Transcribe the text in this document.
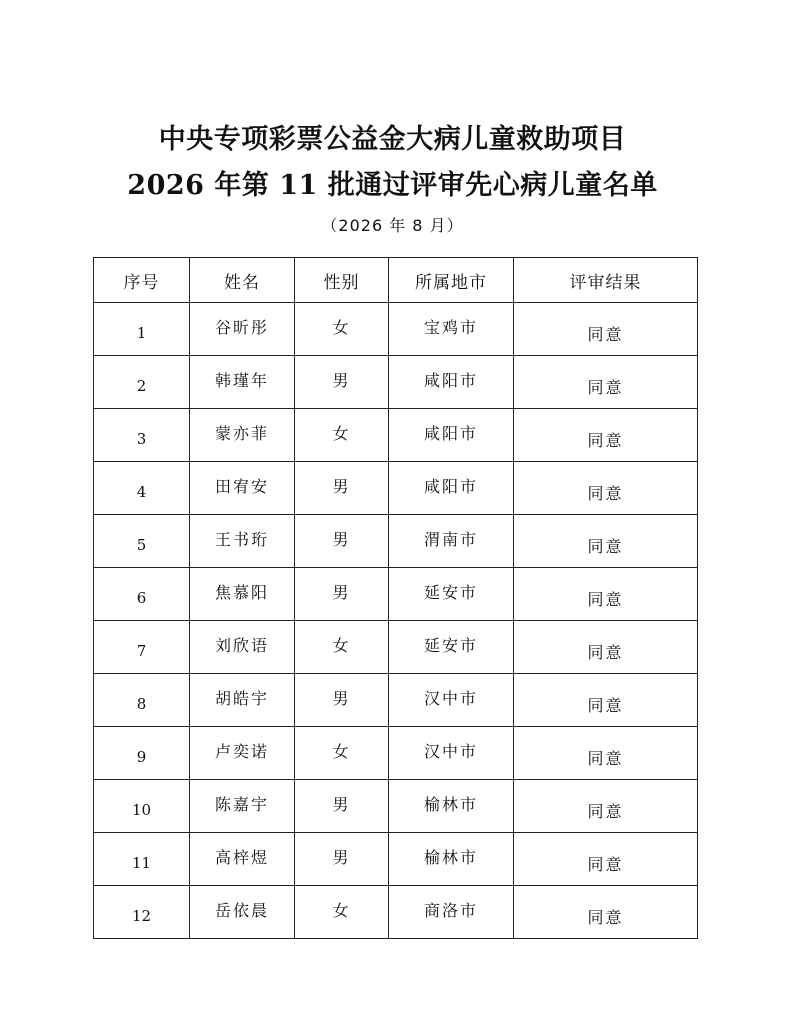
中央专项彩票公益金大病儿童救助项目
2026 年第 11 批通过评审先心病儿童名单
（2026 年 8 月）
序号	姓名	性别	所属地市	评审结果
1	谷昕彤	女	宝鸡市	同意
2	韩瑾年	男	咸阳市	同意
3	蒙亦菲	女	咸阳市	同意
4	田宥安	男	咸阳市	同意
5	王书珩	男	渭南市	同意
6	焦慕阳	男	延安市	同意
7	刘欣语	女	延安市	同意
8	胡皓宇	男	汉中市	同意
9	卢奕诺	女	汉中市	同意
10	陈嘉宇	男	榆林市	同意
11	高梓煜	男	榆林市	同意
12	岳依晨	女	商洛市	同意
